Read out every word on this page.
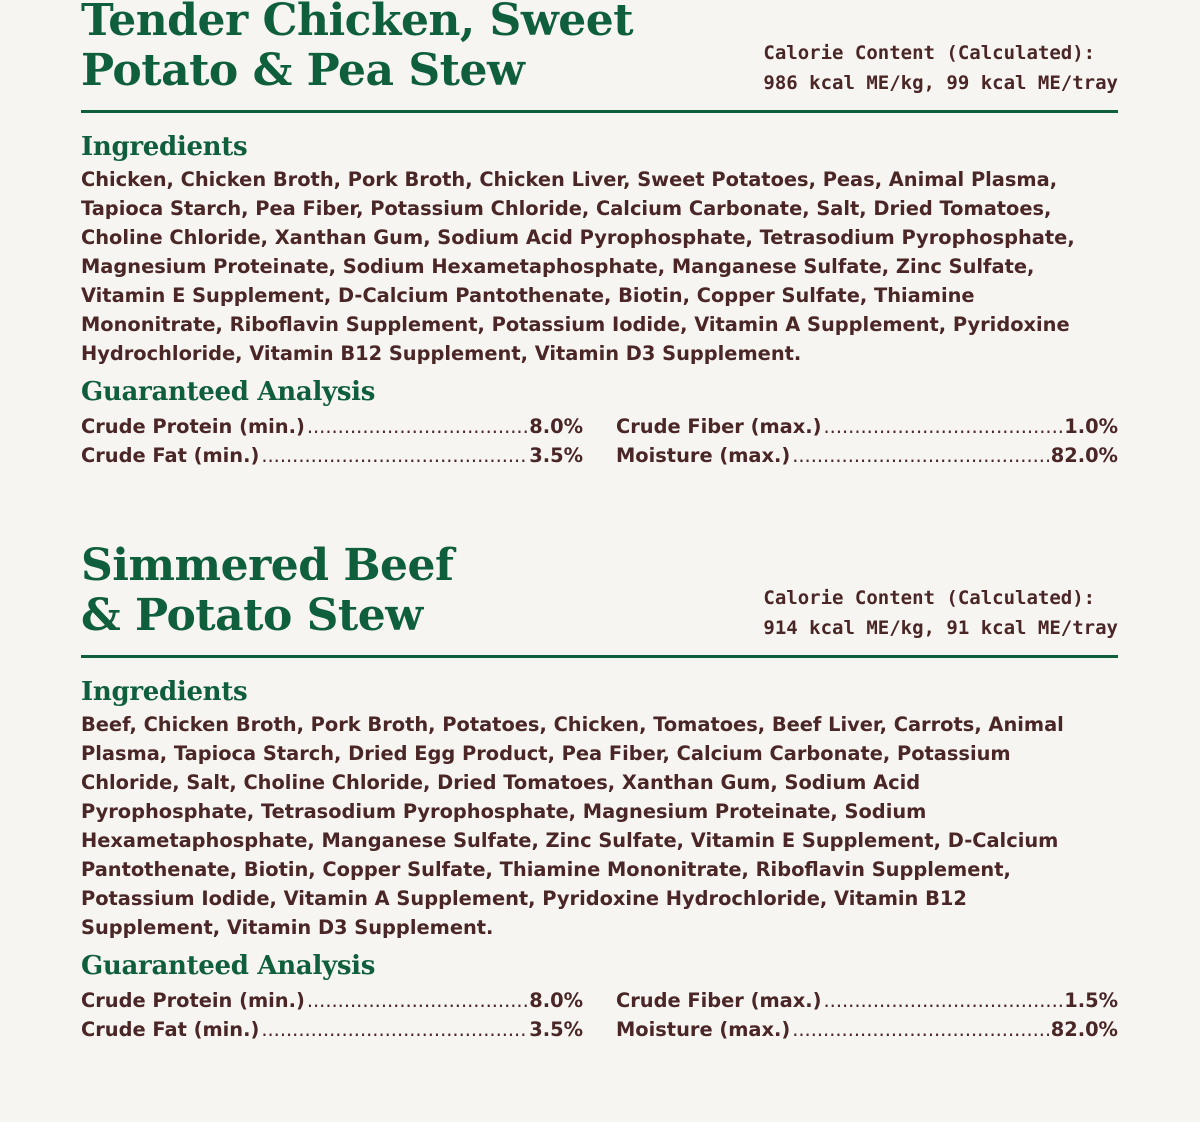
Tender Chicken, Sweet
Potato & Pea Stew	Calorie Content (Calculated):
986 kcal ME/kg, 99 kcal ME/tray
Ingredients

Chicken, Chicken Broth, Pork Broth, Chicken Liver, Sweet Potatoes, Peas, Animal Plasma, Tapioca Starch, Pea Fiber, Potassium Chloride, Calcium Carbonate, Salt, Dried Tomatoes, Choline Chloride, Xanthan Gum, Sodium Acid Pyrophosphate, Tetrasodium Pyrophosphate, Magnesium Proteinate, Sodium Hexametaphosphate, Manganese Sulfate, Zinc Sulfate, Vitamin E Supplement, D-Calcium Pantothenate, Biotin, Copper Sulfate, Thiamine Mononitrate, Riboflavin Supplement, Potassium Iodide, Vitamin A Supplement, Pyridoxine Hydrochloride, Vitamin B12 Supplement, Vitamin D3 Supplement.

Guaranteed Analysis
Crude Protein (min.) .....	8.0% Crude Fiber (max.) .....	1.0%
Crude Fat (min.) .....	3.5% Moisture (max.) .....	82.0%
Simmered Beef
& Potato Stew	Calorie Content (Calculated):
914 kcal ME/kg, 91 kcal ME/tray
Ingredients

Beef, Chicken Broth, Pork Broth, Potatoes, Chicken, Tomatoes, Beef Liver, Carrots, Animal Plasma, Tapioca Starch, Dried Egg Product, Pea Fiber, Calcium Carbonate, Potassium Chloride, Salt, Choline Chloride, Dried Tomatoes, Xanthan Gum, Sodium Acid Pyrophosphate, Tetrasodium Pyrophosphate, Magnesium Proteinate, Sodium Hexametaphosphate, Manganese Sulfate, Zinc Sulfate, Vitamin E Supplement, D-Calcium Pantothenate, Biotin, Copper Sulfate, Thiamine Mononitrate, Riboflavin Supplement, Potassium Iodide, Vitamin A Supplement, Pyridoxine Hydrochloride, Vitamin B12 Supplement, Vitamin D3 Supplement.

Guaranteed Analysis
Crude Protein (min.) .....	8.0% Crude Fiber (max.) .....	1.5%
Crude Fat (min.) .....	3.5% Moisture (max.) .....	82.0%
